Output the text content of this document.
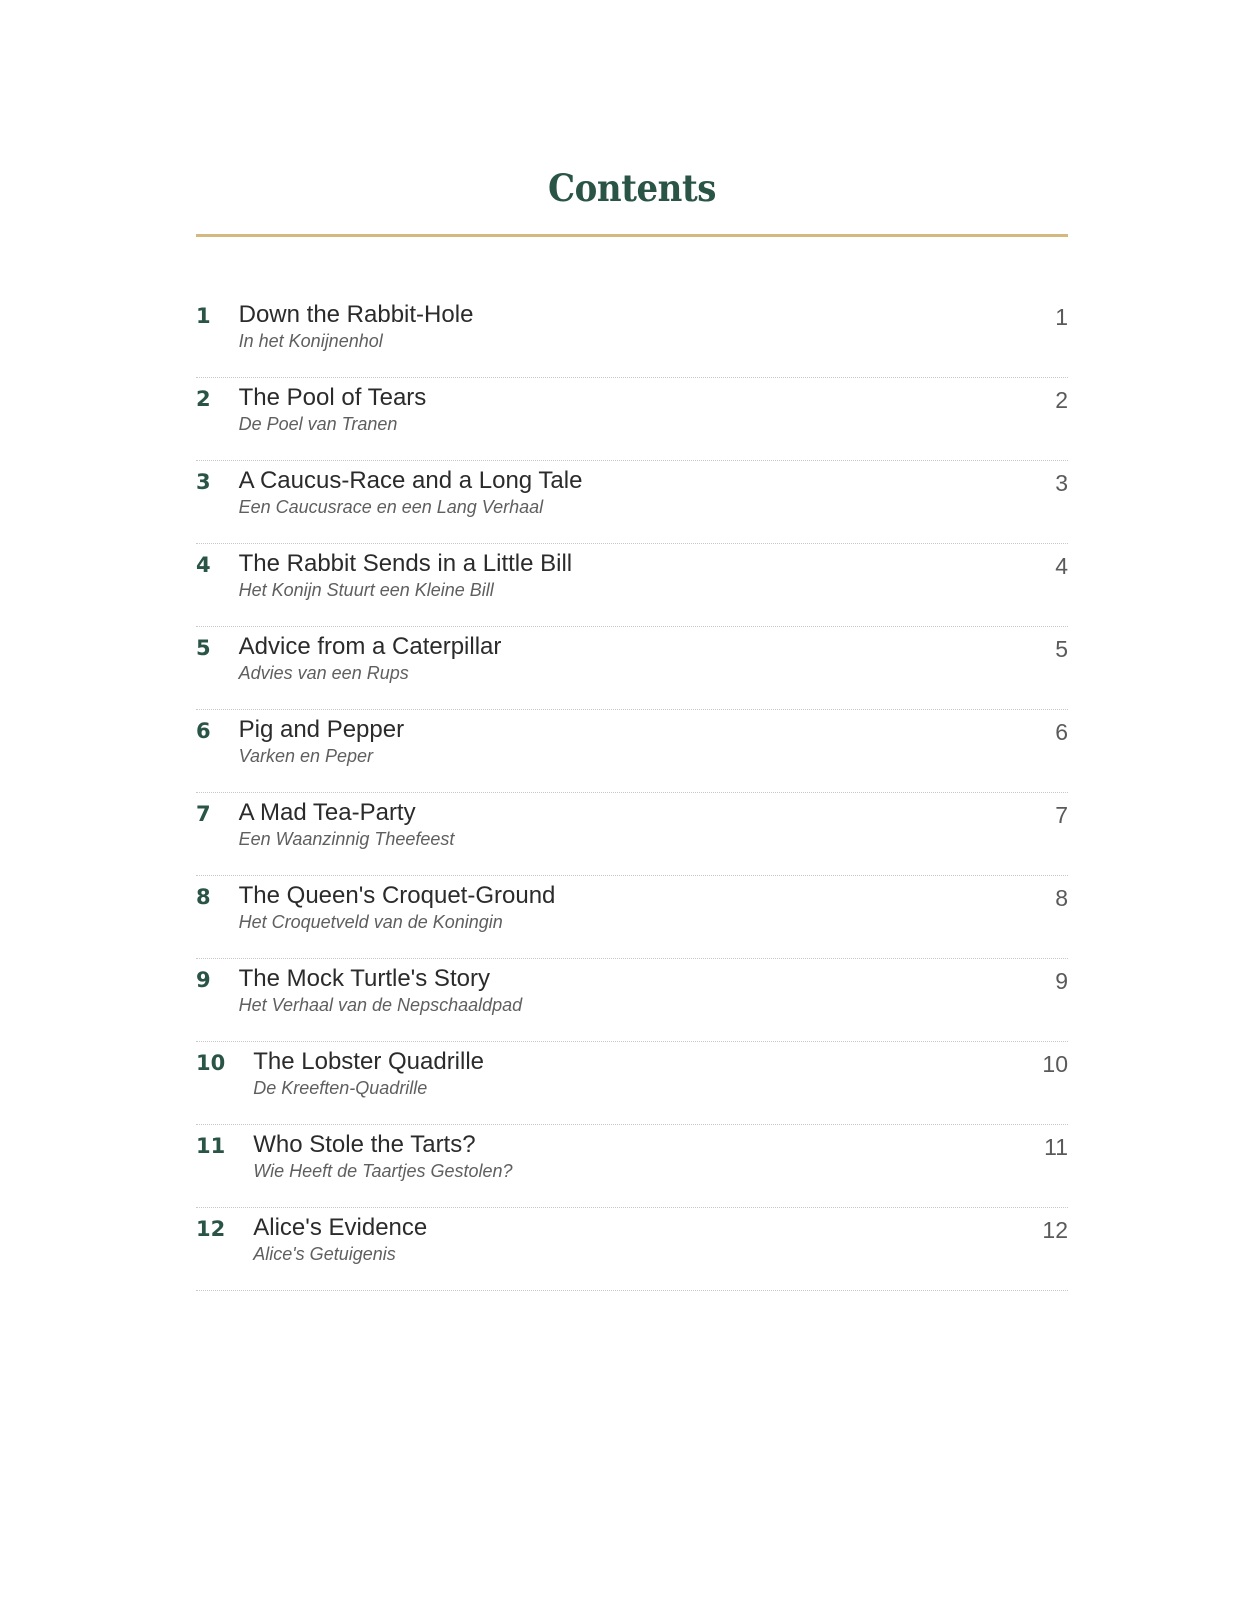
Contents
1 Down the Rabbit-Hole
In het Konijnenhol
1
2 The Pool of Tears
De Poel van Tranen
2
3 A Caucus-Race and a Long Tale
Een Caucusrace en een Lang Verhaal
3
4 The Rabbit Sends in a Little Bill
Het Konijn Stuurt een Kleine Bill
4
5 Advice from a Caterpillar
Advies van een Rups
5
6 Pig and Pepper
Varken en Peper
6
7 A Mad Tea-Party
Een Waanzinnig Theefeest
7
8 The Queen's Croquet-Ground
Het Croquetveld van de Koningin
8
9 The Mock Turtle's Story
Het Verhaal van de Nepschaaldpad
9
10 The Lobster Quadrille
De Kreeften-Quadrille
10
11 Who Stole the Tarts?
Wie Heeft de Taartjes Gestolen?
11
12 Alice's Evidence
Alice's Getuigenis
12
